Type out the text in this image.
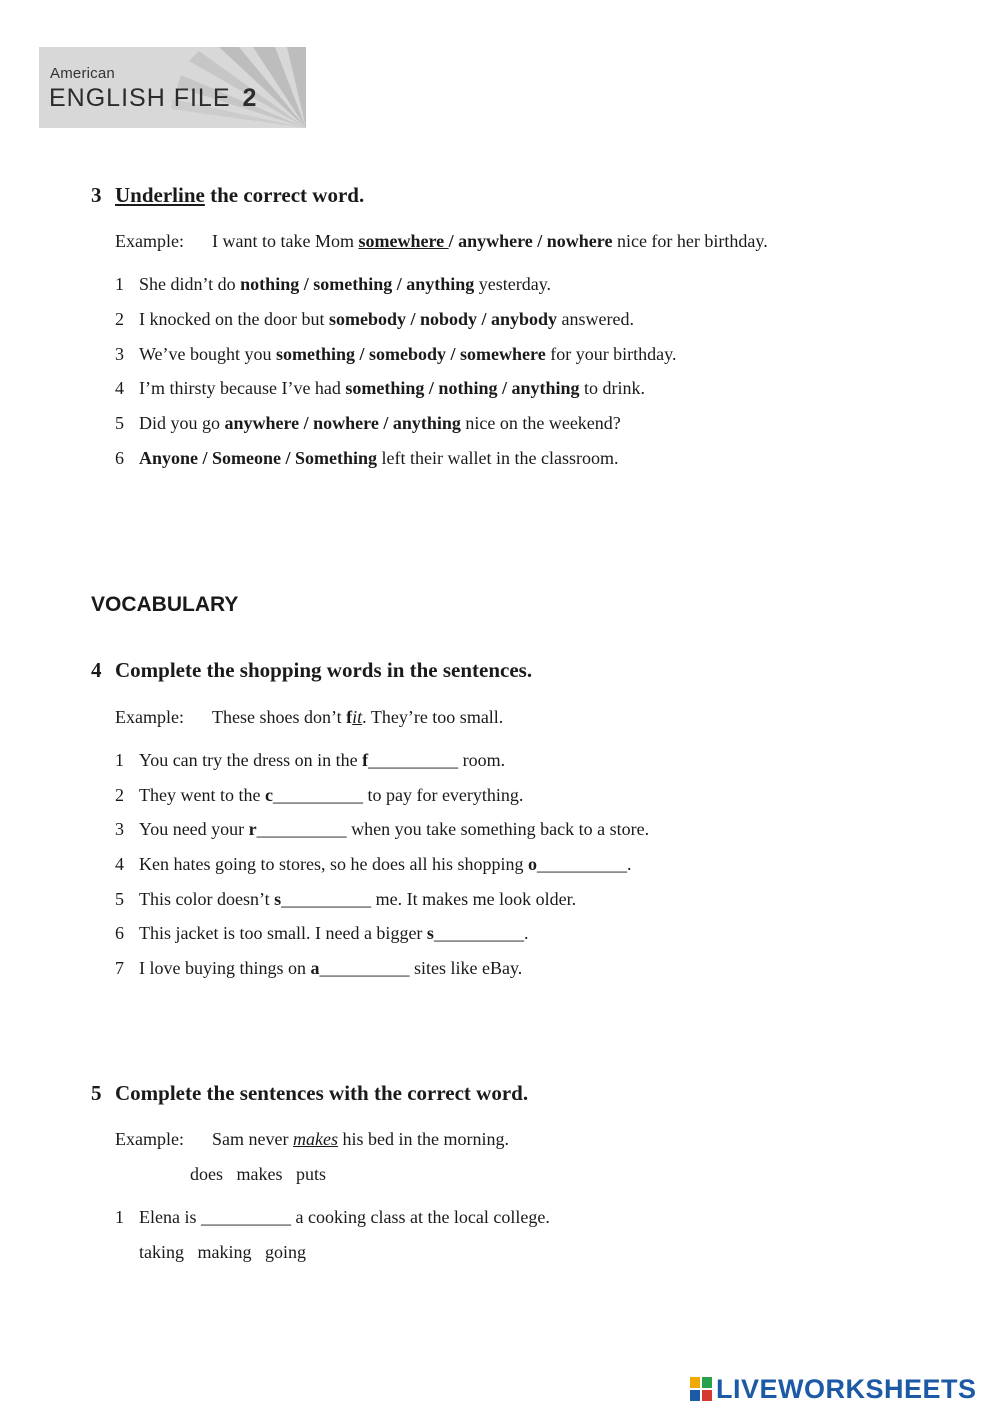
American
ENGLISH FILE 2
3 Underline the correct word.
Example: I want to take Mom somewhere / anywhere / nowhere nice for her birthday.
1 She didn’t do nothing / something / anything yesterday.
2 I knocked on the door but somebody / nobody / anybody answered.
3 We’ve bought you something / somebody / somewhere for your birthday.
4 I’m thirsty because I’ve had something / nothing / anything to drink.
5 Did you go anywhere / nowhere / anything nice on the weekend?
6 Anyone / Someone / Something left their wallet in the classroom.
VOCABULARY
4 Complete the shopping words in the sentences.
Example: These shoes don’t fit. They’re too small.
1 You can try the dress on in the f__________ room.
2 They went to the c__________ to pay for everything.
3 You need your r__________ when you take something back to a store.
4 Ken hates going to stores, so he does all his shopping o__________.
5 This color doesn’t s__________ me. It makes me look older.
6 This jacket is too small. I need a bigger s__________.
7 I love buying things on a__________ sites like eBay.
5 Complete the sentences with the correct word.
Example: Sam never makes his bed in the morning.
does   makes   puts
1 Elena is __________ a cooking class at the local college.
taking   making   going
LIVEWORKSHEETS
